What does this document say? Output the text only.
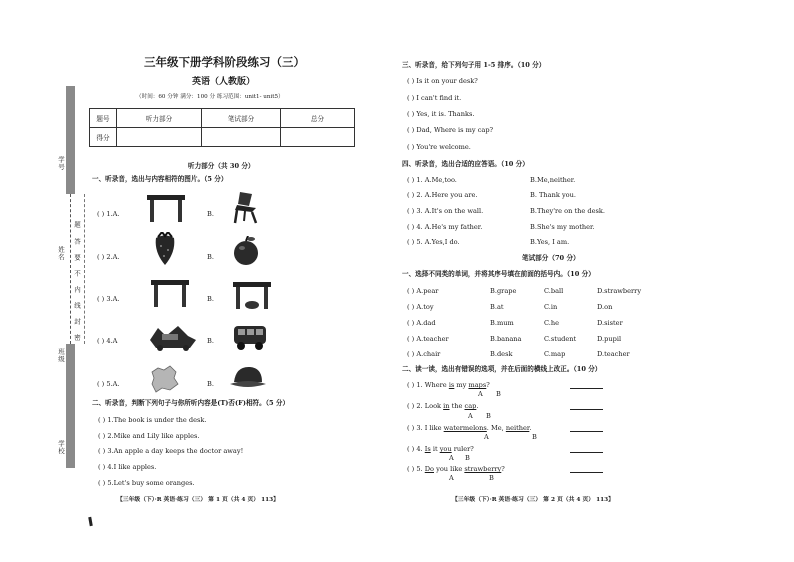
学号
姓名
班级
学校
题
答
要
不
内
线
封
密
三年级下册学科阶段练习（三）
英语（人教版）
（时间：60 分钟 满分：100 分 练习范围：unit1- unit5）
题号	听力部分	笔试部分	总分
得分			
听力部分（共 30 分）
一、听录音，选出与内容相符的图片。（5 分）
( ) 1.A.	B.
( ) 2.A.	B.
( ) 3.A.	B.
( ) 4.A	B.
( ) 5.A.	B.
二、听录音，判断下列句子与你所听内容是(T)否(F)相符。（5 分）
( ) 1.The book is under the desk.
( ) 2.Mike and Lily like apples.
( ) 3.An apple a day keeps the doctor away!
( ) 4.I like apples.
( ) 5.Let's buy some oranges.
【三年级（下）·R 英语·练习（三） 第 1 页（共 4 页） 113】
三、听录音，给下列句子用 1-5 排序。（10 分）
( ) Is it on your desk?
( ) I can't find it.
( ) Yes, it is. Thanks.
( ) Dad, Where is my cap?
( ) You're welcome.
四、听录音，选出合适的应答语。（10 分）
( ) 1. A.Me,too.	B.Me,neither.
( ) 2. A.Here you are.	B. Thank you.
( ) 3. A.It's on the wall.	B.They're on the desk.
( ) 4. A.He's my father.	B.She's my mother.
( ) 5. A.Yes,I do.	B.Yes, I am.
笔试部分（70 分）
一、选择不同类的单词，并将其序号填在前面的括号内。（10 分）
( ) A.pear	B.grape	C.ball	D.strawberry
( ) A.toy	B.at	C.in	D.on
( ) A.dad	B.mum	C.he	D.sister
( ) A.teacher	B.banana	C.student	D.pupil
( ) A.chair	B.desk	C.map	D.teacher
二、读一读，选出有错误的选项，并在后面的横线上改正。（10 分）
( ) 1. Where is my maps?
A B
( ) 2. Look in the cap.
A B
( ) 3. I like watermelons. Me, neither.
A	B
( ) 4. Is it you ruler?
A B
( ) 5. Do you like strawberry?
A	B
【三年级（下）·R 英语·练习（三） 第 2 页（共 4 页） 113】
